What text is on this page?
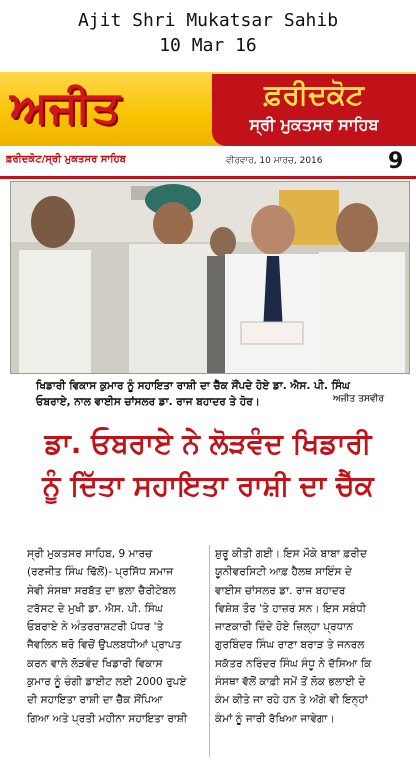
Ajit Shri Mukatsar Sahib
10 Mar 16
ਅਜੀਤ	ਫ਼ਰੀਦਕੋਟ
ਸ੍ਰੀ ਮੁਕਤਸਰ ਸਾਹਿਬ
ਫ਼ਰੀਦਕੋਟ/ਸ੍ਰੀ ਮੁਕਤਸਰ ਸਾਹਿਬ	ਵੀਰਵਾਰ, 10 ਮਾਰਚ, 2016	9
ਖਿਡਾਰੀ ਵਿਕਾਸ ਕੁਮਾਰ ਨੂੰ ਸਹਾਇਤਾ ਰਾਸ਼ੀ ਦਾ ਚੈੱਕ ਸੌਂਪਦੇ ਹੋਏ ਡਾ. ਐਸ. ਪੀ. ਸਿੰਘ
ਓਬਰਾਏ, ਨਾਲ ਵਾਈਸ ਚਾਂਸਲਰ ਡਾ. ਰਾਜ ਬਹਾਦਰ ਤੇ ਹੋਰ।	ਅਜੀਤ ਤਸਵੀਰ
ਡਾ. ਓਬਰਾਏ ਨੇ ਲੋੜਵੰਦ ਖਿਡਾਰੀ
ਨੂੰ ਦਿੱਤਾ ਸਹਾਇਤਾ ਰਾਸ਼ੀ ਦਾ ਚੈੱਕ
ਸ੍ਰੀ ਮੁਕਤਸਰ ਸਾਹਿਬ, 9 ਮਾਰਚ
(ਰਣਜੀਤ ਸਿੰਘ ਢਿੱਲੋਂ)- ਪ੍ਰਸਿੱਧ ਸਮਾਜ
ਸੇਵੀ ਸੰਸਥਾ ਸਰਬੱਤ ਦਾ ਭਲਾ ਚੈਰੀਟੇਬਲ
ਟਰੱਸਟ ਦੇ ਮੁਖੀ ਡਾ. ਐਸ. ਪੀ. ਸਿੰਘ
ਓਬਰਾਏ ਨੇ ਅੰਤਰਰਾਸ਼ਟਰੀ ਪੱਧਰ 'ਤੇ
ਜੈਵਲਿਨ ਥਰੋ ਵਿਚੋਂ ਉਪਲਬਧੀਆਂ ਪ੍ਰਾਪਤ
ਕਰਨ ਵਾਲੇ ਲੋੜਵੰਦ ਖਿਡਾਰੀ ਵਿਕਾਸ
ਕੁਮਾਰ ਨੂੰ ਚੰਗੀ ਡਾਈਟ ਲਈ 2000 ਰੁਪਏ
ਦੀ ਸਹਾਇਤਾ ਰਾਸ਼ੀ ਦਾ ਚੈੱਕ ਸੌਂਪਿਆ
ਗਿਆ ਅਤੇ ਪ੍ਰਤੀ ਮਹੀਨਾ ਸਹਾਇਤਾ ਰਾਸ਼ੀ
ਸ਼ੁਰੂ ਕੀਤੀ ਗਈ। ਇਸ ਮੌਕੇ ਬਾਬਾ ਫ਼ਰੀਦ
ਯੂਨੀਵਰਸਿਟੀ ਆਫ਼ ਹੈਲਥ ਸਾਇੰਸ ਦੇ
ਵਾਈਸ ਚਾਂਸਲਰ ਡਾ. ਰਾਜ ਬਹਾਦਰ
ਵਿਸ਼ੇਸ਼ ਤੌਰ 'ਤੇ ਹਾਜ਼ਰ ਸਨ। ਇਸ ਸਬੰਧੀ
ਜਾਣਕਾਰੀ ਦਿੰਦੇ ਹੋਏ ਜ਼ਿਲ੍ਹਾ ਪ੍ਰਧਾਨ
ਗੁਰਬਿੰਦਰ ਸਿੰਘ ਰਾਣਾ ਬਰਾੜ ਤੇ ਜਨਰਲ
ਸਕੱਤਰ ਨਰਿੰਦਰ ਸਿੰਘ ਸੰਧੂ ਨੇ ਦੱਸਿਆ ਕਿ
ਸੰਸਥਾ ਵੱਲੋਂ ਕਾਫ਼ੀ ਸਮੇਂ ਤੋਂ ਲੋਕ ਭਲਾਈ ਦੇ
ਕੰਮ ਕੀਤੇ ਜਾ ਰਹੇ ਹਨ ਤੇ ਅੱਗੇ ਵੀ ਇਨ੍ਹਾਂ
ਕੰਮਾਂ ਨੂੰ ਜਾਰੀ ਰੱਖਿਆ ਜਾਵੇਗਾ।
